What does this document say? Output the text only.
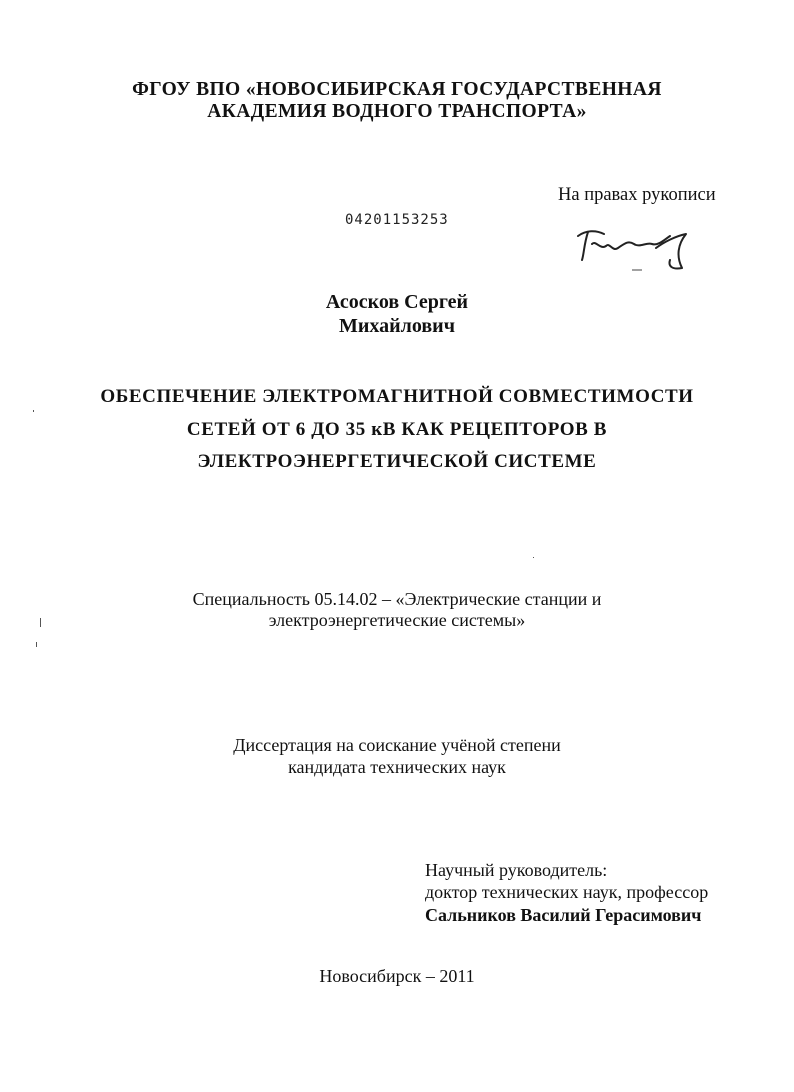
ФГОУ ВПО «НОВОСИБИРСКАЯ ГОСУДАРСТВЕННАЯ
АКАДЕМИЯ ВОДНОГО ТРАНСПОРТА»
На правах рукописи
04201153253
Асосков Сергей
Михайлович
ОБЕСПЕЧЕНИЕ ЭЛЕКТРОМАГНИТНОЙ СОВМЕСТИМОСТИ
СЕТЕЙ ОТ 6 ДО 35 кВ КАК РЕЦЕПТОРОВ В
ЭЛЕКТРОЭНЕРГЕТИЧЕСКОЙ СИСТЕМЕ
Специальность 05.14.02 – «Электрические станции и
электроэнергетические системы»
Диссертация на соискание учёной степени
кандидата технических наук
Научный руководитель:
доктор технических наук, профессор
Сальников Василий Герасимович
Новосибирск – 2011
